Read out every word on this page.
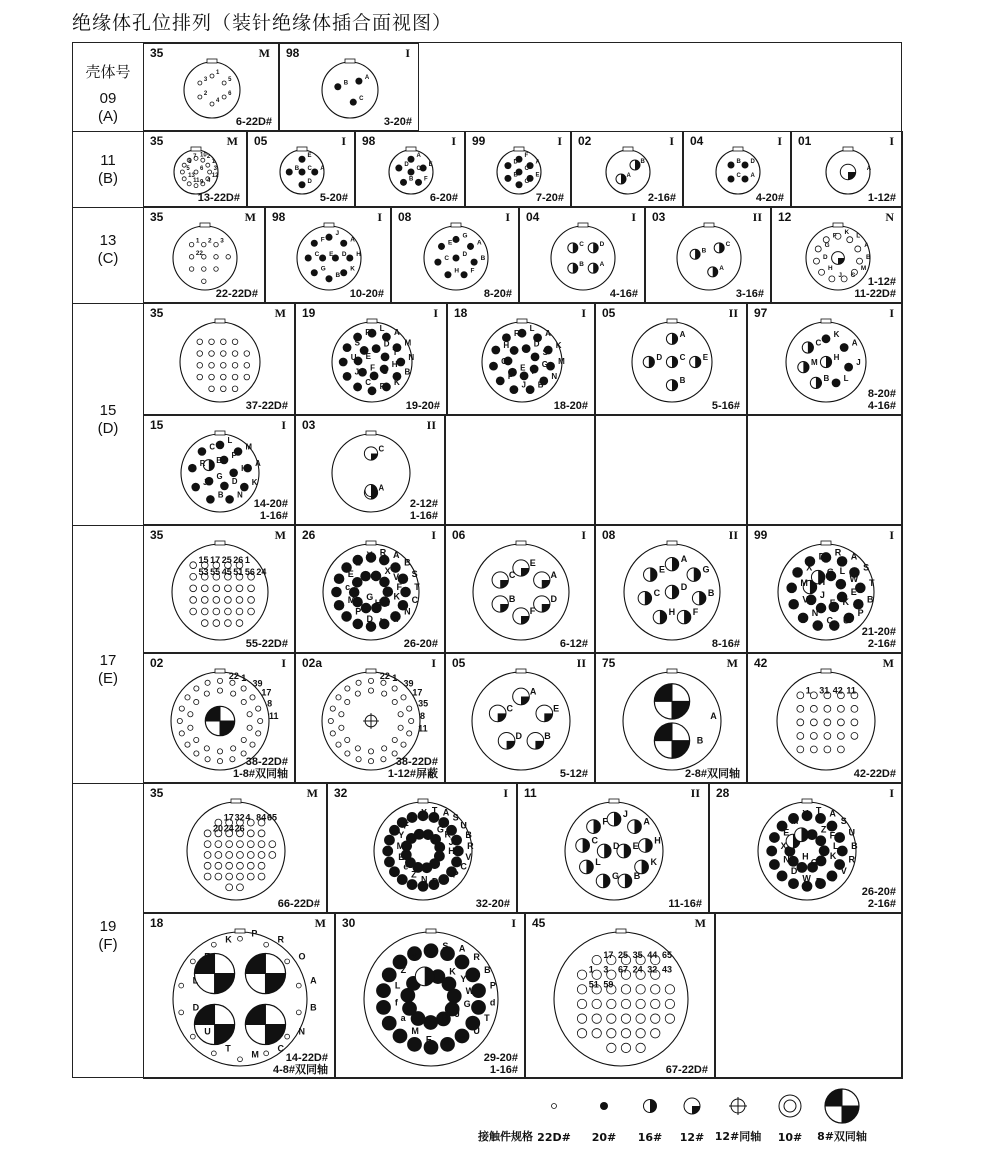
绝缘体孔位排列（装针绝缘体插合面视图）
壳体号
09
(A)
1
5
6
4
2
3
35	M
6-22D#
A
C
B
98	I
3-20#
11
(B)
10 2
1
3
12
4
9
11
13
5
8
7
6
35	M
13-22D#
E
A
D
B C
05	I
5-20#
A
E
F
B
D
C
98	I
6-20#
F
A
E
G
B
D
C
99	I
7-20#
B
A
02	I
2-16#
D
A
C
B
04	I
4-20#
A
01	I
1-12#
13
(C)
1 2 3
22
35	M
22-22D#
J
A
H
K
B
G
C
F
E D
98	I
10-20#
G
A
B
F
H
C
E
D
08	I
8-20#
D
A
B
C
04	I
4-16#
C
A
B
03	II
3-16#
K L
A
B
M
C
J
H
D
G
F
12	N
1-12#
11-22D#
15
(D)
35	M
37-22D#
L A
M
N
B
K
P
C
J
U
S
R
D
T
H
G
F
E
19	I
19-20#
L
A
K
M
N
B
J
P
C
H
R
D
S
G
F
E
18	I
18-20#
A
E
B
D C
05	II
5-16#
K
A
J
L
B
M
C
H
97	I
8-20#
4-16#
L
M
A
K
N
B
J
R
C
P
H
D
G
E
15	I
14-20#
1-16#
C
A
03	II
2-12#
1-16#
17
(E)
15 17 25 26 1
53 55 45 51 56 24
35	M
55-22D#
R A
B
S
T
C
N
a
b
D
P
M
c
E
L
Y
X
V
F
K
J
H
G
26	I
26-20#
E
A
D
F
B
C
06	I
6-12#
A
G
B
F
H
C
E
D
08	II
8-16#
R A
S
T
B
P
U
C
N
V
M
X
D
L
W
E
K
F
J
H
G
99	I
21-20#
2-16#
22 1
39
17
8
11
02	I
38-22D#
1-8#双同轴
22 1
39
17
35
8
11
02a	I
38-22D#
1-12#屏蔽
A
E
B
D
C
05	II
5-12#
A
B
75	M
2-8#双同轴
1 31 42 11
42	M
42-22D#
19
(F)
17 32 4 84 65
20 24 26
35	M
66-22D#
T A
S
U
B
R
V
C
P
d
D
N
Z
e
E
M
Y
F
L
X
G K
J
H
32	I
32-20#
J
A
H
K
B
G
L
C
F
D E
11	II
11-16#
T A
S
U
B
R
V
C
P
W
D
N
X
E
M
Y
Z
F
L
K
J
G
H
28	I
26-20#
2-16#
P
R
O
A
B
N
C
M
T
U
D
L
E
K
18	M
14-22D#
4-8#双同轴
S A
R
B
P
d
T
U
C
N
E
M
a
f
L
Z
X
F
K
Y
W
G
J
H
30	I
29-20#
1-16#
17 25 35 44 65
1 3 67 24 32 43
51 59
45	M
67-22D#
接触件规格 22D#	20#	16#	12# 12#同轴	10#	8#双同轴
